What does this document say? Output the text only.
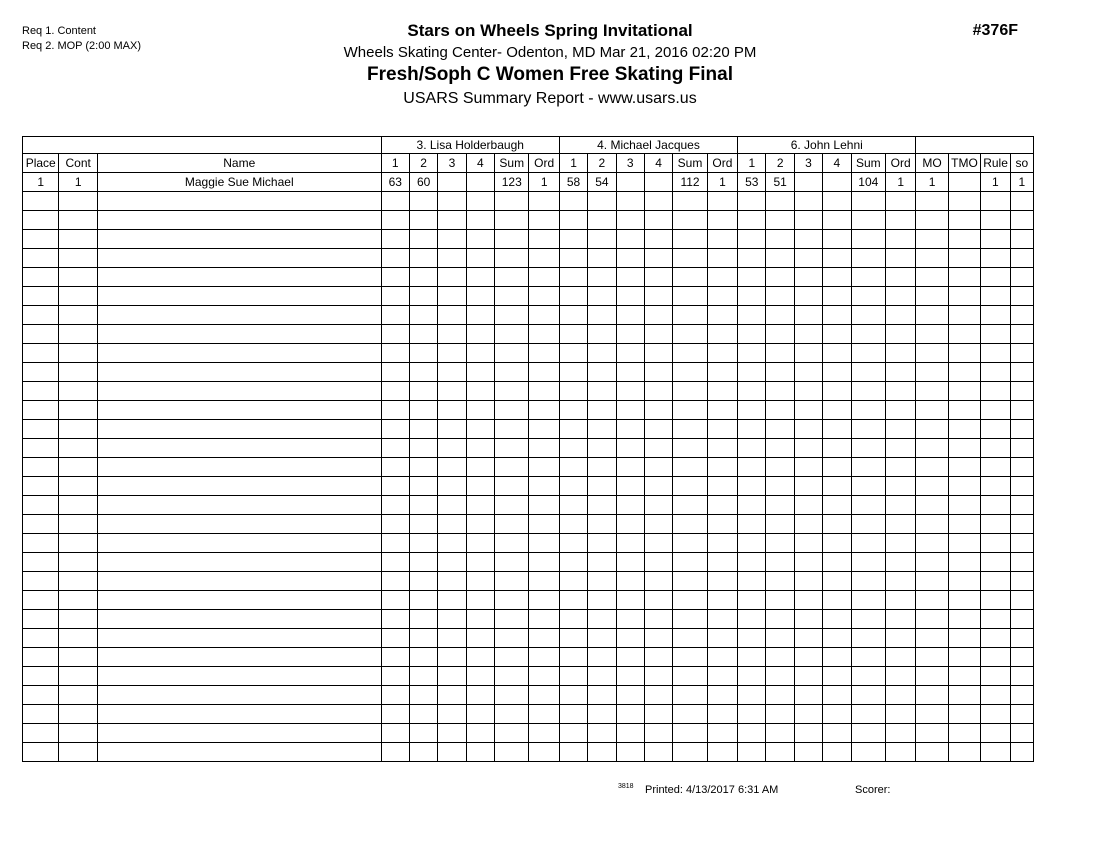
Req 1. Content
Req 2. MOP (2:00 MAX)
Stars on Wheels Spring Invitational
Wheels Skating Center- Odenton, MD Mar 21, 2016 02:20 PM
Fresh/Soph C Women Free Skating Final
USARS Summary Report - www.usars.us
#376F
			3. Lisa Holderbaugh						4. Michael Jacques						6. John Lehni									
Place	Cont	Name	1	2	3	4	Sum	Ord	1	2	3	4	Sum	Ord	1	2	3	4	Sum	Ord	MO	TMO	Rule	so
1	1	Maggie Sue Michael	63	60			123	1	58	54			112	1	53	51			104	1	1		1	1

3818 Printed: 4/13/2017 6:31 AM	Scorer:
